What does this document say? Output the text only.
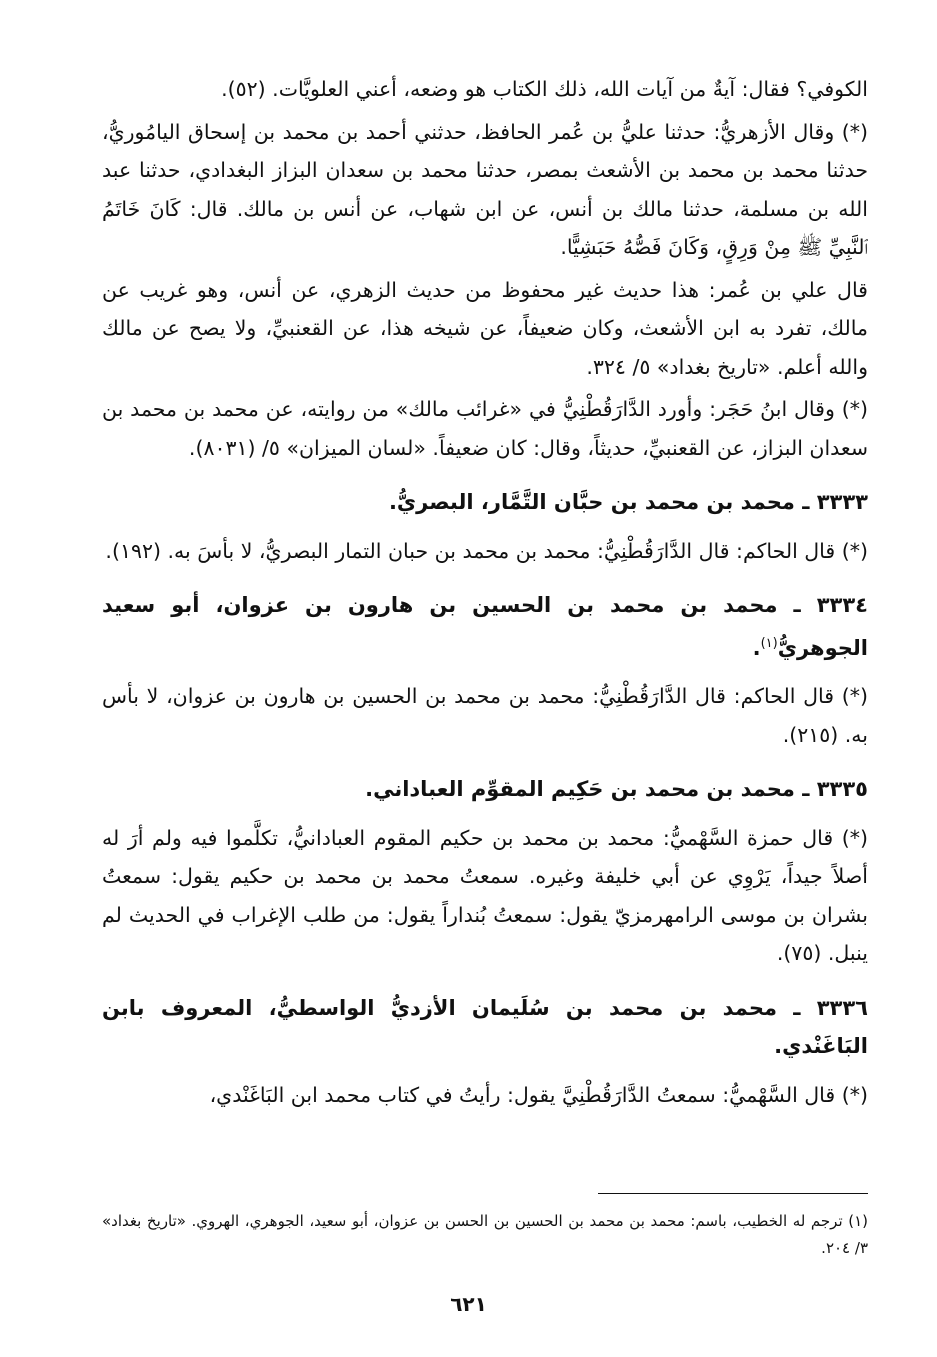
الكوفي؟ فقال: آيةٌ من آيات الله، ذلك الكتاب هو وضعه، أعني العلويَّات. (٥٢).

(*) وقال الأزهريُّ: حدثنا عليُّ بن عُمر الحافظ، حدثني أحمد بن محمد بن إسحاق اليامُوريُّ، حدثنا محمد بن محمد بن الأشعث بمصر، حدثنا محمد بن سعدان البزاز البغدادي، حدثنا عبد الله بن مسلمة، حدثنا مالك بن أنس، عن ابن شهاب، عن أنس بن مالك. قال: كَانَ خَاتَمُ ٱلنَّبِيِّ ﷺ مِنْ وَرِقٍ، وَكَانَ فَصُّهُ حَبَشِيًّا.

قال علي بن عُمر: هذا حديث غير محفوظ من حديث الزهري، عن أنس، وهو غريب عن مالك، تفرد به ابن الأشعث، وكان ضعيفاً، عن شيخه هذا، عن القعنبيِّ، ولا يصح عن مالك والله أعلم. «تاريخ بغداد» ٥/ ٣٢٤.

(*) وقال ابنُ حَجَر: وأورد الدَّارَقُطْنِيُّ في «غرائب مالك» من روايته، عن محمد بن محمد بن سعدان البزاز، عن القعنبيِّ، حديثاً، وقال: كان ضعيفاً. «لسان الميزان» ٥/ (٨٠٣١).

٣٣٣٣ ـ محمد بن محمد بن حبَّان التَّمَّار، البصريُّ.

(*) قال الحاكم: قال الدَّارَقُطْنِيُّ: محمد بن محمد بن حبان التمار البصريُّ، لا بأسَ به. (١٩٢).

٣٣٣٤ ـ محمد بن محمد بن الحسين بن هارون بن عزوان، أبو سعيد الجوهريُّ$^{(١)}$.

(*) قال الحاكم: قال الدَّارَقُطْنِيُّ: محمد بن محمد بن الحسين بن هارون بن عزوان، لا بأس به. (٢١٥).

٣٣٣٥ ـ محمد بن محمد بن حَكِيم المقوِّم العباداني.

(*) قال حمزة السَّهْميُّ: محمد بن محمد بن حكيم المقوم العبادانيُّ، تكلَّموا فيه ولم أرَ له أصلاً جيداً، يَرْوِي عن أبي خليفة وغيره. سمعتُ محمد بن محمد بن حكيم يقول: سمعتُ بشران بن موسى الرامهرمزيّ يقول: سمعتُ بُنداراً يقول: من طلب الإغراب في الحديث لم ينبل. (٧٥).

٣٣٣٦ ـ محمد بن محمد بن سُلَيمان الأزديُّ الواسطيُّ، المعروف بابن البَاغَنْدي.

(*) قال السَّهْميُّ: سمعتُ الدَّارَقُطْنِيَّ يقول: رأيتُ في كتاب محمد ابن البَاغَنْدي،

(١) ترجم له الخطيب، باسم: محمد بن محمد بن الحسين بن الحسن بن عزوان، أبو سعيد، الجوهري، الهروي. «تاريخ بغداد» ٣/ ٢٠٤.

٦٢١
